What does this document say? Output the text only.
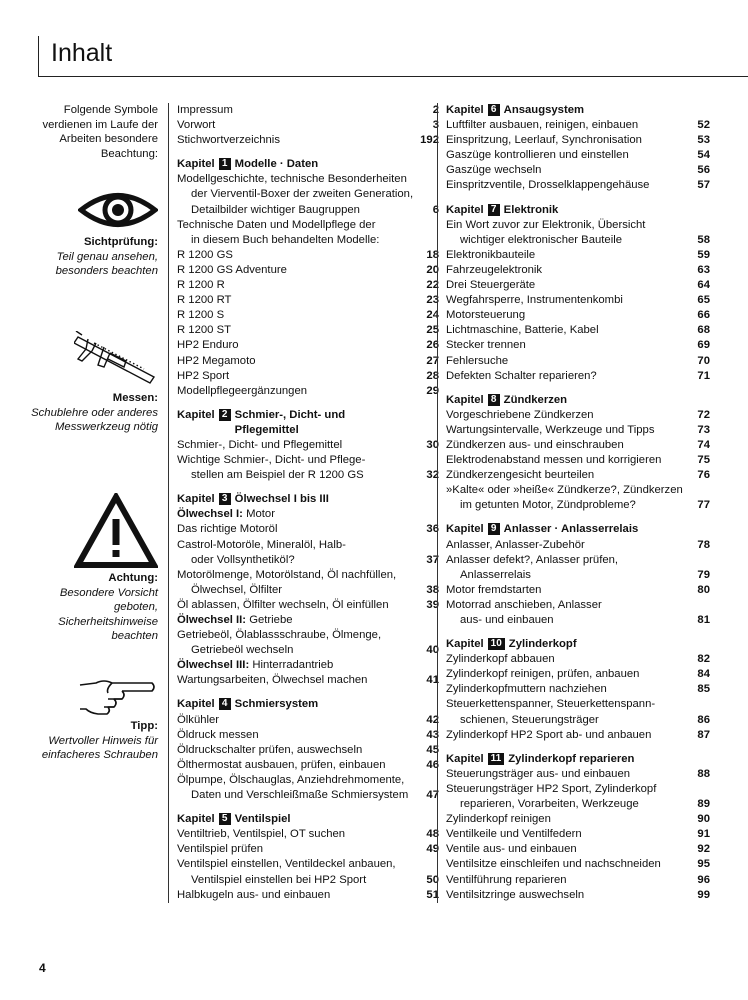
Inhalt

Folgende Symbole verdienen im Laufe der Arbeiten besondere Beachtung:

Sichtprüfung:
Teil genau ansehen, besonders beachten
Messen:
Schublehre oder anderes Messwerkzeug nötig
Achtung:
Besondere Vorsicht geboten, Sicherheitshinweise beachten
Tipp:
Wertvoller Hinweis für einfacheres Schrauben
Impressum	2
Vorwort	3
Stichwortverzeichnis	192
Kapitel 1 Modelle · Daten
Modellgeschichte, technische Besonderheiten
der Vierventil-Boxer der zweiten Generation,
Detailbilder wichtiger Baugruppen	6
Technische Daten und Modellpflege der
in diesem Buch behandelten Modelle:
R 1200 GS	18
R 1200 GS Adventure	20
R 1200 R	22
R 1200 RT	23
R 1200 S	24
R 1200 ST	25
HP2 Enduro	26
HP2 Megamoto	27
HP2 Sport	28
Modellpflegeergänzungen	29
Kapitel 2 Schmier-, Dicht- und
Pflegemittel
Schmier-, Dicht- und Pflegemittel	30
Wichtige Schmier-, Dicht- und Pflege-
stellen am Beispiel der R 1200 GS	32
Kapitel 3 Ölwechsel I bis III
Ölwechsel I: Motor
Das richtige Motoröl	36
Castrol-Motoröle, Mineralöl, Halb-
oder Vollsynthetiköl?	37
Motorölmenge, Motorölstand, Öl nachfüllen,
Ölwechsel, Ölfilter	38
Öl ablassen, Ölfilter wechseln, Öl einfüllen	39
Ölwechsel II: Getriebe
Getriebeöl, Ölablassschraube, Ölmenge,
Getriebeöl wechseln	40
Ölwechsel III: Hinterradantrieb
Wartungsarbeiten, Ölwechsel machen	41
Kapitel 4 Schmiersystem
Ölkühler	42
Öldruck messen	43
Öldruckschalter prüfen, auswechseln	45
Ölthermostat ausbauen, prüfen, einbauen	46
Ölpumpe, Ölschauglas, Anziehdrehmomente,
Daten und Verschleißmaße Schmiersystem	47
Kapitel 5 Ventilspiel
Ventiltrieb, Ventilspiel, OT suchen	48
Ventilspiel prüfen	49
Ventilspiel einstellen, Ventildeckel anbauen,
Ventilspiel einstellen bei HP2 Sport	50
Halbkugeln aus- und einbauen	51
Kapitel 6 Ansaugsystem
Luftfilter ausbauen, reinigen, einbauen	52
Einspritzung, Leerlauf, Synchronisation	53
Gaszüge kontrollieren und einstellen	54
Gaszüge wechseln	56
Einspritzventile, Drosselklappengehäuse	57
Kapitel 7 Elektronik
Ein Wort zuvor zur Elektronik, Übersicht
wichtiger elektronischer Bauteile	58
Elektronikbauteile	59
Fahrzeugelektronik	63
Drei Steuergeräte	64
Wegfahrsperre, Instrumentenkombi	65
Motorsteuerung	66
Lichtmaschine, Batterie, Kabel	68
Stecker trennen	69
Fehlersuche	70
Defekten Schalter reparieren?	71
Kapitel 8 Zündkerzen
Vorgeschriebene Zündkerzen	72
Wartungsintervalle, Werkzeuge und Tipps	73
Zündkerzen aus- und einschrauben	74
Elektrodenabstand messen und korrigieren	75
Zündkerzengesicht beurteilen	76
»Kalte« oder »heiße« Zündkerze?, Zündkerzen
im getunten Motor, Zündprobleme?	77
Kapitel 9 Anlasser · Anlasserrelais
Anlasser, Anlasser-Zubehör	78
Anlasser defekt?, Anlasser prüfen,
Anlasserrelais	79
Motor fremdstarten	80
Motorrad anschieben, Anlasser
aus- und einbauen	81
Kapitel 10 Zylinderkopf
Zylinderkopf abbauen	82
Zylinderkopf reinigen, prüfen, anbauen	84
Zylinderkopfmuttern nachziehen	85
Steuerkettenspanner, Steuerkettenspann-
schienen, Steuerungsträger	86
Zylinderkopf HP2 Sport ab- und anbauen	87
Kapitel 11 Zylinderkopf reparieren
Steuerungsträger aus- und einbauen	88
Steuerungsträger HP2 Sport, Zylinderkopf
reparieren, Vorarbeiten, Werkzeuge	89
Zylinderkopf reinigen	90
Ventilkeile und Ventilfedern	91
Ventile aus- und einbauen	92
Ventilsitze einschleifen und nachschneiden	95
Ventilführung reparieren	96
Ventilsitzringe auswechseln	99
4
